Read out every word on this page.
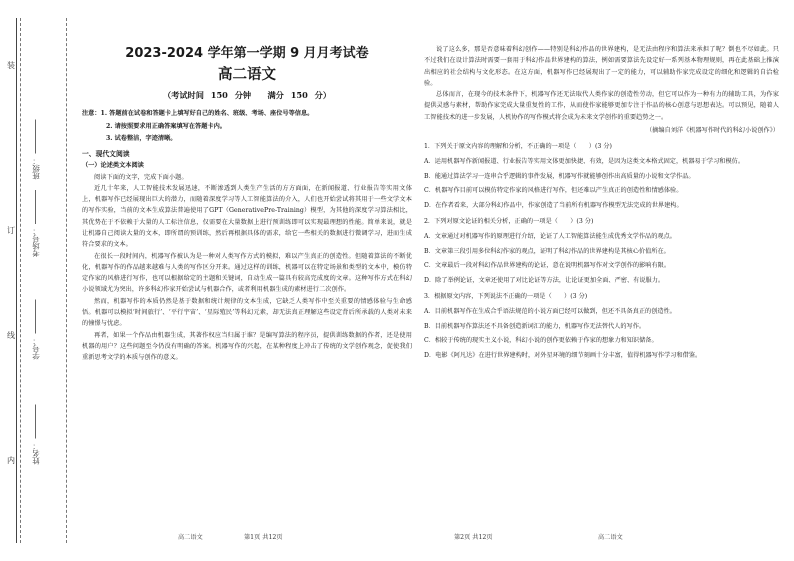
装
订
线
内
班级：
考场号：
学号：
姓名：
2023-2024 学年第一学期 9 月月考试卷
高二语文
（考试时间 150 分钟　　满分 150 分）
注意：1. 答题前在试卷和答题卡上填写好自己的姓名、班级、考场、座位号等信息。
2. 请按照要求用正确答案填写在答题卡内。
3. 试卷整洁，字迹清晰。
一、现代文阅读
（一）论述类文本阅读
阅读下面的文字，完成下面小题。
近几十年来，人工智能技术发展迅速，不断渗透到人类生产生活的方方面面，在新闻报道、行业报告等实用文体上，机器写作已经展现出巨大的潜力，而随着深度学习等人工智能算法的介入，人们也开始尝试将其用于一些文学文本的写作实验，当前的文本生成算法普遍使用了GPT（GenerativePre-Training）模型，为其他的深度学习算法相比，其优势在于不依赖于大量的人工标注信息，仅需要在大量数据上进行预训练即可以实现最理想的性能。简单来说，就是让机器自己阅读大量的文本，即所谓的预训练，然后再根据具体的需求，给它一些相关的数据进行微调学习，进而生成符合要求的文本。
在很长一段时间内，机器写作被认为是一种对人类写作方式的模拟，难以产生真正的创造性。但随着算法的不断优化，机器写作的作品越来越难与人类的写作区分开来。通过这样的训练，机器可以在特定场景和类型的文本中，模仿特定作家的风格进行写作，也可以根据给定的主题和关键词，自动生成一篇具有较高完成度的文章。这种写作方式在科幻小说领域尤为突出，许多科幻作家开始尝试与机器合作，或者利用机器生成的素材进行二次创作。
然而，机器写作的本质仍然是基于数据和统计规律的文本生成，它缺乏人类写作中至关重要的情感体验与生命感悟。机器可以模拟‘时间旅行’、‘平行宇宙’、‘星际殖民’等科幻元素，却无法真正理解这些设定背后所承载的人类对未来的憧憬与忧虑。
再者，如果一个作品由机器生成，其著作权应当归属于谁？是编写算法的程序员，提供训练数据的作者，还是使用机器的用户？这些问题至今仍没有明确的答案。机器写作的兴起，在某种程度上冲击了传统的文学创作观念，促使我们重新思考文学的本质与创作的意义。
说了这么多，那是否意味着科幻创作——特别是科幻作品的世界建构，是无法由程序和算法来承担了呢？倒也不尽如此。只不过我们在设计算法时需要一套用于科幻作品世界建构的算法，例如需要算法先设定好一系列基本物理规则，再在此基础上推演出相应的社会结构与文化形态。在这方面，机器写作已经展现出了一定的能力，可以辅助作家完成设定的细化和逻辑的自洽检验。
总体而言，在现今的技术条件下，机器写作还无法取代人类作家的创造性劳动，但它可以作为一种有力的辅助工具，为作家提供灵感与素材，帮助作家完成大量重复性的工作，从而使作家能够更加专注于作品的核心创意与思想表达。可以预见，随着人工智能技术的进一步发展，人机协作的写作模式将会成为未来文学创作的重要趋势之一。
（摘编自刘洋《机器写作时代的科幻小说创作》）
1．下列关于原文内容的理解和分析，不正确的一项是（　　）(3 分)
A．运用机器写作新闻报道、行业报告等实用文体更加快捷、有效，是因为这类文本格式固定，机器易于学习和模仿。
B．能通过算法学习一连串合乎逻辑的事件发展，机器写作就能够创作出高质量的小说和文学作品。
C．机器写作目前可以模仿特定作家的风格进行写作，但还难以产生真正的创造性和情感体验。
D．在作者看来，大部分科幻作品中，作家创造了当前所有机器写作模型无法完成的世界建构。
2．下列对原文论证的相关分析，正确的一项是（　　）(3 分)
A．文章通过对机器写作的原理进行介绍，论证了人工智能算法能生成优秀文学作品的观点。
B．文章第三段引用多位科幻作家的观点，证明了科幻作品的世界建构是其核心价值所在。
C．文章最后一段对科幻作品世界建构的论证，意在说明机器写作对文学创作的影响有限。
D．除了举例论证，文章还使用了对比论证等方法，让论证更加全面、严密、有说服力。
3．根据原文内容，下列说法不正确的一项是（　　）(3 分)
A．目前机器写作在生成合乎语法规范的小说方面已经可以做到，但还不具备真正的创造性。
B．目前机器写作算法还不具备创造新词汇的能力，机器写作无法替代人的写作。
C．相较于传统的现实主义小说，科幻小说的创作更依赖于作家的想象力和知识储备。
D．电影《阿凡达》在进行世界建构时，对外星环境的细节刻画十分丰富，值得机器写作学习和借鉴。
高二语文	第1页 共12页	第2页 共12页	高二语文
